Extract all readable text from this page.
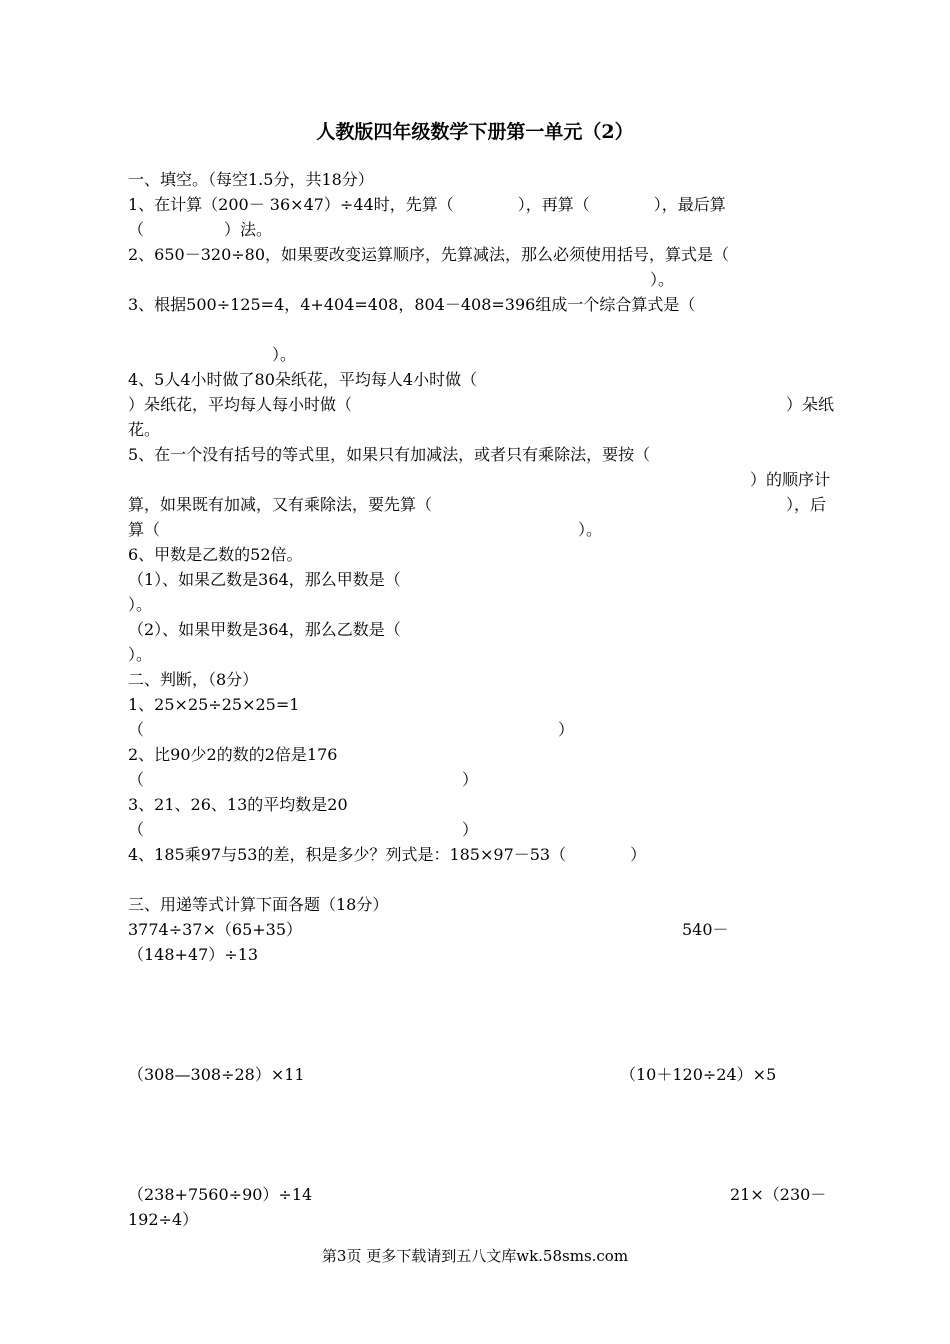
人教版四年级数学下册第一单元（2）
一、填空。（每空1.5分，共18分）
1、在计算（200－ 36×47）÷44时，先算（　　　　），再算（　　　　），最后算
（　　　　　）法。
2、650－320÷80，如果要改变运算顺序，先算减法，那么必须使用括号，算式是（
）。
3、根据500÷125=4，4+404=408，804－408=396组成一个综合算式是（
）。
4、5人4小时做了80朵纸花，平均每人4小时做（
）朵纸花，平均每人每小时做（	）朵纸
花。
5、在一个没有括号的等式里，如果只有加减法，或者只有乘除法，要按（
）的顺序计
算，如果既有加减，又有乘除法，要先算（	），后
算（	）。
6、甲数是乙数的52倍。
（1）、如果乙数是364，那么甲数是（
）。
（2）、如果甲数是364，那么乙数是（
）。
二、判断，（8分）
1、25×25÷25×25=1
（	）
2、比90少2的数的2倍是176
（	）
3、21、26、13的平均数是20
（	）
4、185乘97与53的差，积是多少？列式是：185×97－53（　　　　）
三、用递等式计算下面各题（18分）
3774÷37×（65+35）	540－
（148+47）÷13
（308—308÷28）×11	（10＋120÷24）×5
（238+7560÷90）÷14	21×（230－
192÷4）
第3页 更多下载请到五八文库wk.58sms.com
